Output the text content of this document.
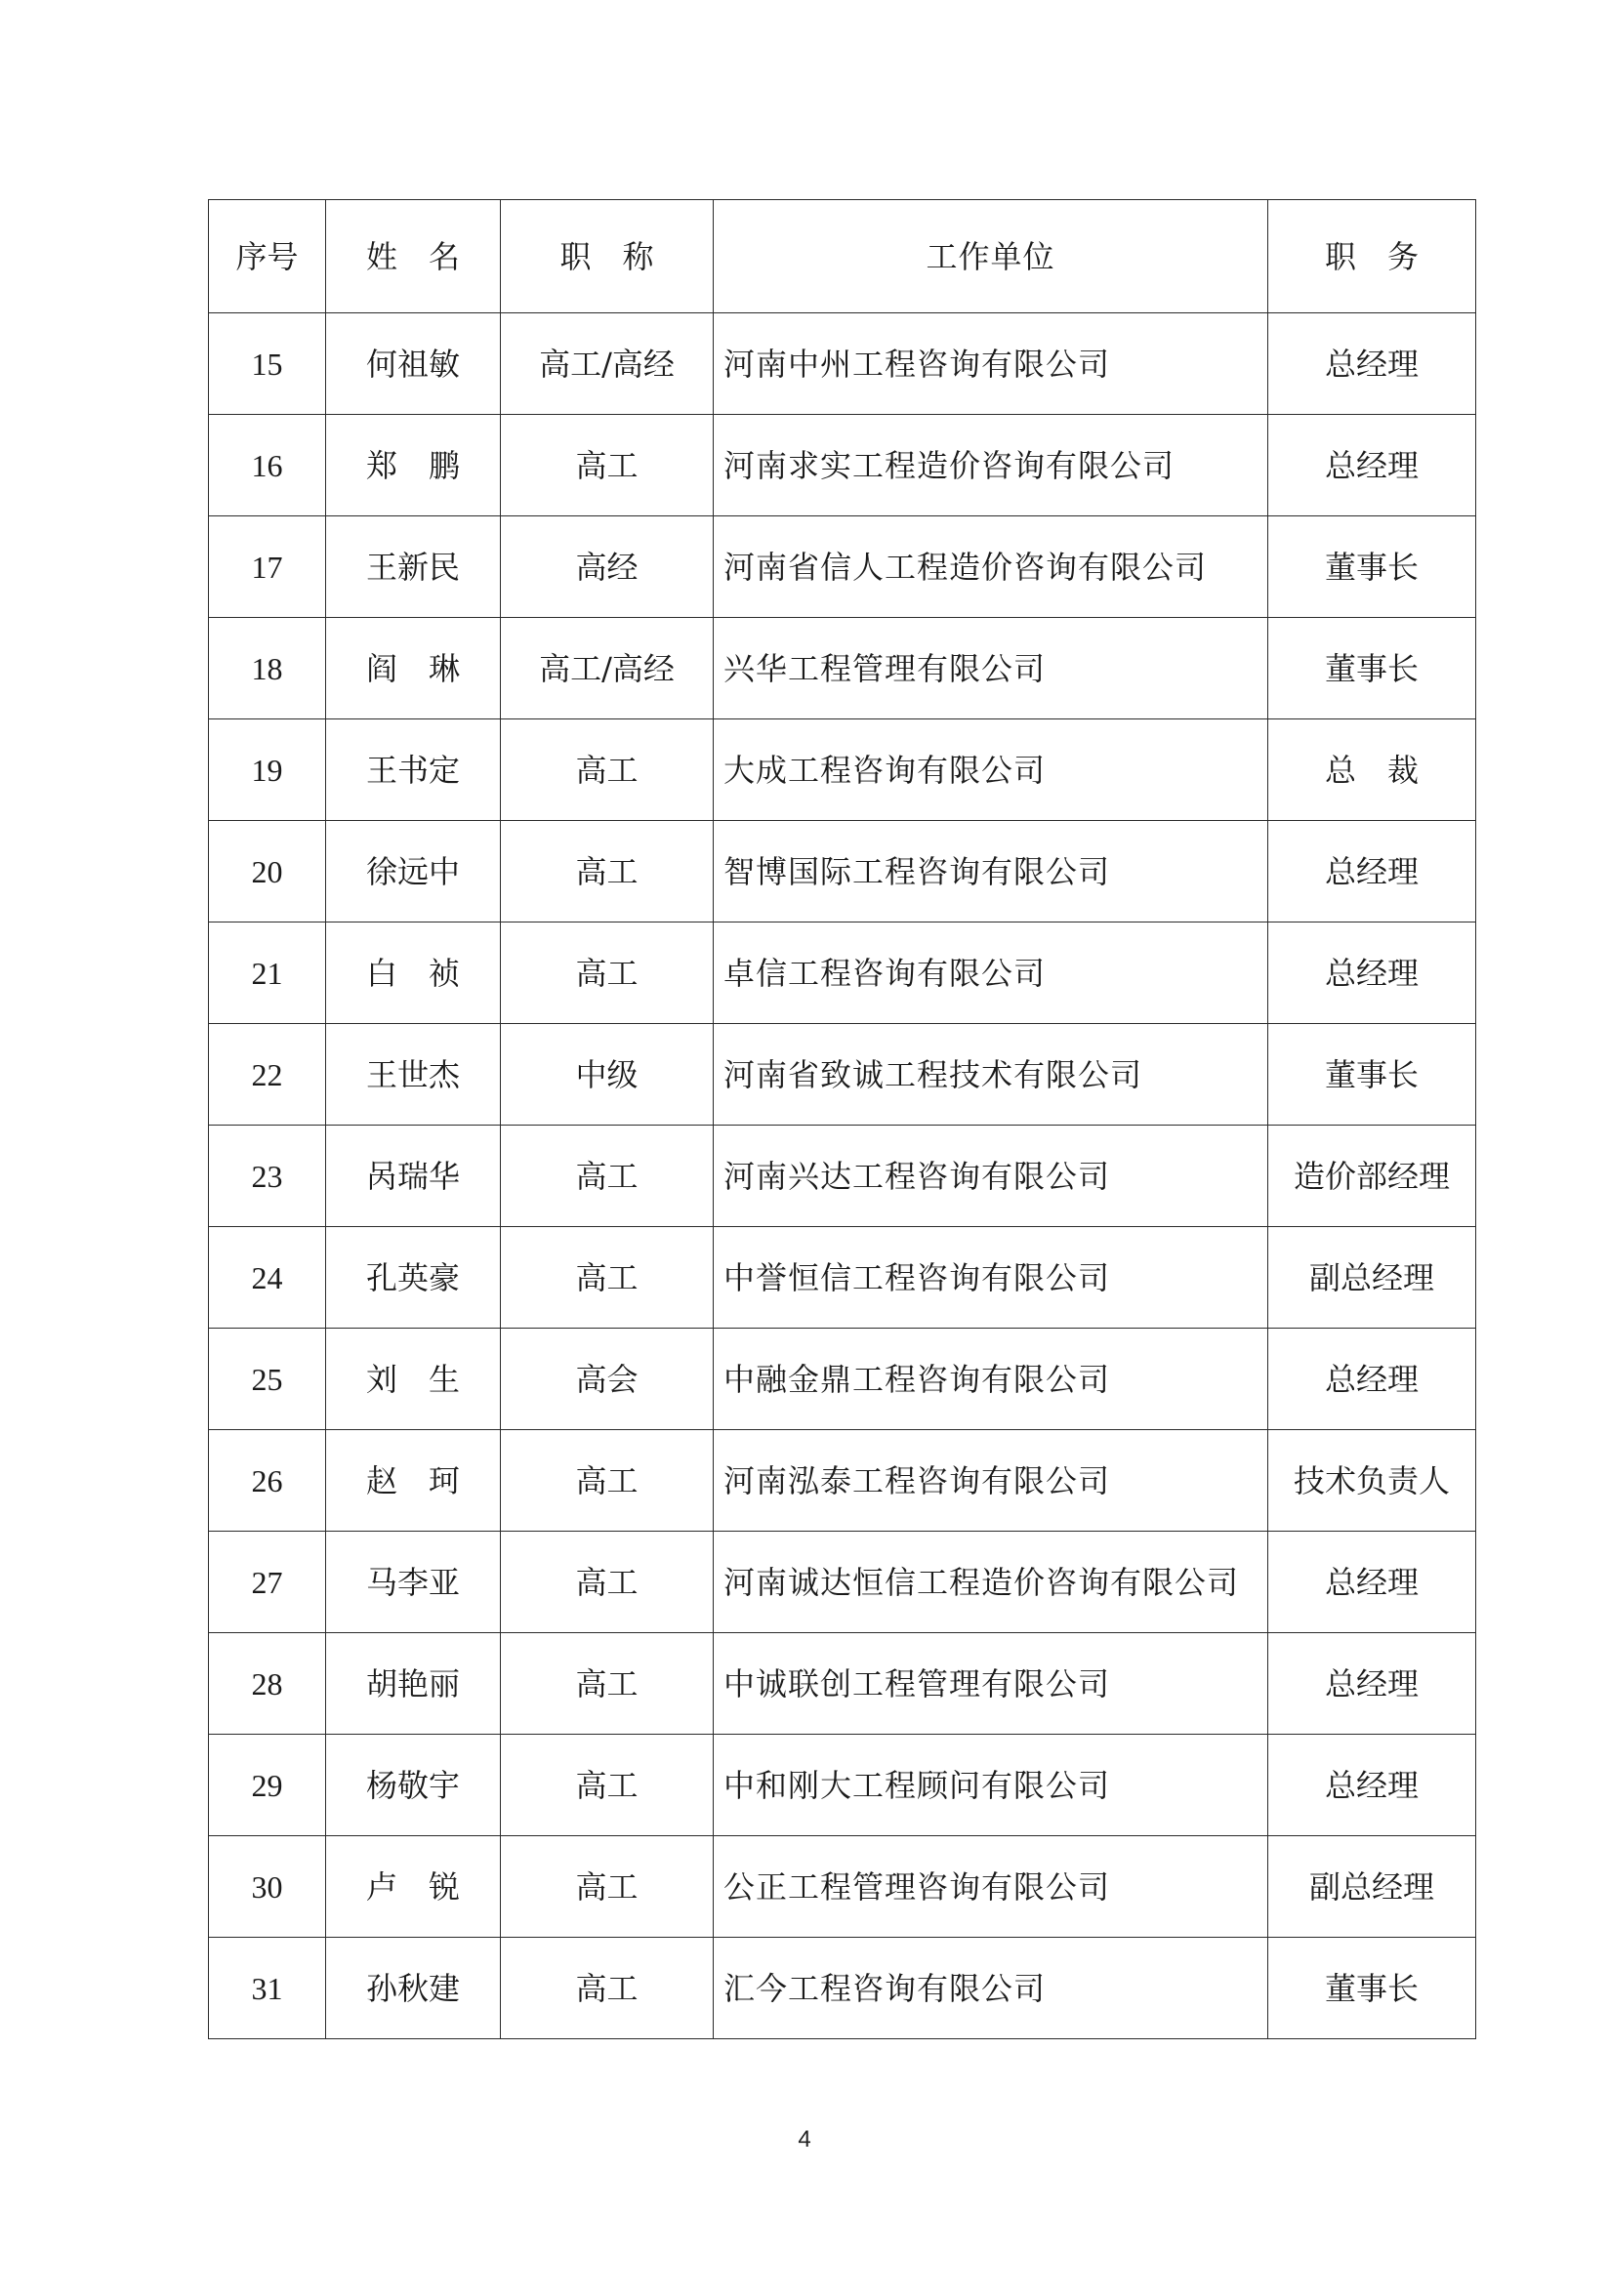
序号	姓　名	职　称	工作单位	职　务
15	何祖敏	高工/高经	河南中州工程咨询有限公司	总经理
16	郑　鹏	高工	河南求实工程造价咨询有限公司	总经理
17	王新民	高经	河南省信人工程造价咨询有限公司	董事长
18	阎　琳	高工/高经	兴华工程管理有限公司	董事长
19	王书定	高工	大成工程咨询有限公司	总　裁
20	徐远中	高工	智博国际工程咨询有限公司	总经理
21	白　祯	高工	卓信工程咨询有限公司	总经理
22	王世杰	中级	河南省致诚工程技术有限公司	董事长
23	呙瑞华	高工	河南兴达工程咨询有限公司	造价部经理
24	孔英豪	高工	中誉恒信工程咨询有限公司	副总经理
25	刘　生	高会	中融金鼎工程咨询有限公司	总经理
26	赵　珂	高工	河南泓泰工程咨询有限公司	技术负责人
27	马李亚	高工	河南诚达恒信工程造价咨询有限公司	总经理
28	胡艳丽	高工	中诚联创工程管理有限公司	总经理
29	杨敬宇	高工	中和刚大工程顾问有限公司	总经理
30	卢　锐	高工	公正工程管理咨询有限公司	副总经理
31	孙秋建	高工	汇今工程咨询有限公司	董事长
4
